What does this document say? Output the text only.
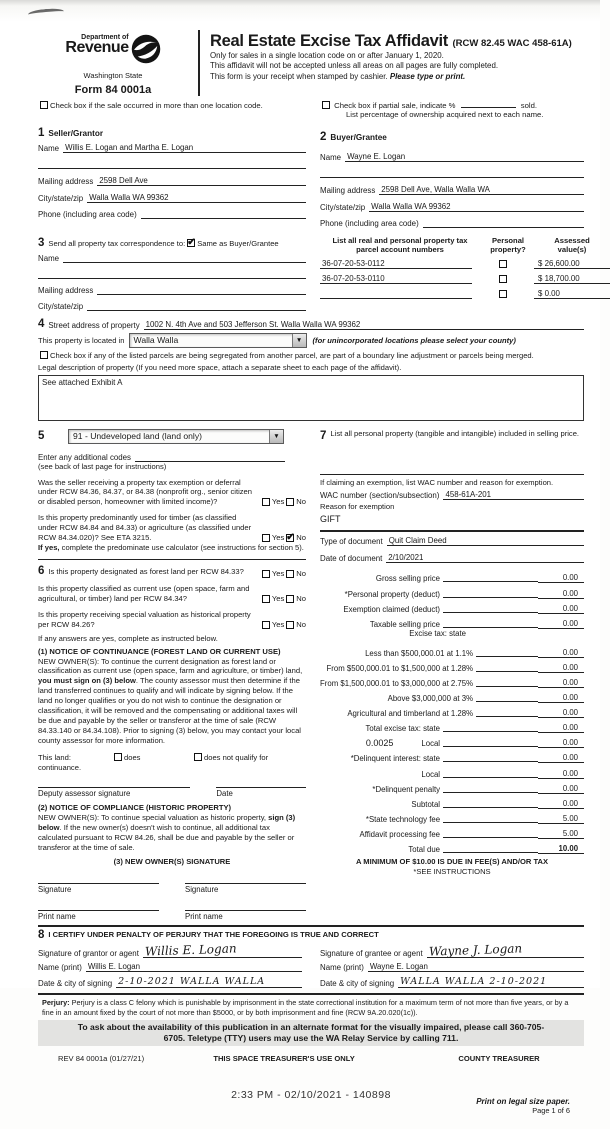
Department of
Revenue
Washington State
Form 84 0001a
Real Estate Excise Tax Affidavit (RCW 82.45 WAC 458-61A)
Only for sales in a single location code on or after January 1, 2020.
This affidavit will not be accepted unless all areas on all pages are fully completed.
This form is your receipt when stamped by cashier. Please type or print.
Check box if the sale occurred in more than one location code.	Check box if partial sale, indicate %	sold.
List percentage of ownership acquired next to each name.
1 Seller/Grantor
Name Willis E. Logan and Martha E. Logan
Mailing address 2598 Dell Ave
City/state/zip Walla Walla WA 99362
Phone (including area code)
2 Buyer/Grantee
Name Wayne E. Logan
Mailing address 2598 Dell Ave, Walla Walla WA
City/state/zip Walla Walla WA 99362
Phone (including area code)
3 Send all property tax correspondence to: ✔ Same as Buyer/Grantee
Name
Mailing address
City/state/zip
List all real and personal property tax
parcel account numbers
Personal
property?
Assessed
value(s)
36-07-20-53-0112	$ 26,600.00
36-07-20-53-0110	$ 18,700.00
$ 0.00
4 Street address of property 1002 N. 4th Ave and 503 Jefferson St. Walla Walla WA 99362
This property is located in	Walla Walla	▼	(for unincorporated locations please select your county)
Check box if any of the listed parcels are being segregated from another parcel, are part of a boundary line adjustment or parcels being merged.
Legal description of property (If you need more space, attach a separate sheet to each page of the affidavit).
See attached Exhibit A
5	91 - Undeveloped land (land only)	▼
Enter any additional codes
(see back of last page for instructions)
Was the seller receiving a property tax exemption or deferral under RCW 84.36, 84.37, or 84.38 (nonprofit org., senior citizen or disabled person, homeowner with limited income)?	Yes No
Is this property predominantly used for timber (as classified under RCW 84.84 and 84.33) or agriculture (as classified under RCW 84.34.020)? See ETA 3215.	Yes ✔ No
If yes, complete the predominate use calculator (see instructions for section 5).
6 Is this property designated as forest land per RCW 84.33?	Yes No
Is this property classified as current use (open space, farm and agricultural, or timber) land per RCW 84.34?	Yes No
Is this property receiving special valuation as historical property per RCW 84.26?	Yes No
If any answers are yes, complete as instructed below.
(1) NOTICE OF CONTINUANCE (FOREST LAND OR CURRENT USE)
NEW OWNER(S): To continue the current designation as forest land or classification as current use (open space, farm and agriculture, or timber) land, you must sign on (3) below. The county assessor must then determine if the land transferred continues to qualify and will indicate by signing below. If the land no longer qualifies or you do not wish to continue the designation or classification, it will be removed and the compensating or additional taxes will be due and payable by the seller or transferor at the time of sale (RCW 84.33.140 or 84.34.108). Prior to signing (3) below, you may contact your local county assessor for more information.
This land:	does	does not qualify for
continuance.
Deputy assessor signature	Date
(2) NOTICE OF COMPLIANCE (HISTORIC PROPERTY)
NEW OWNER(S): To continue special valuation as historic property, sign (3) below. If the new owner(s) doesn't wish to continue, all additional tax calculated pursuant to RCW 84.26, shall be due and payable by the seller or transferor at the time of sale.
(3) NEW OWNER(S) SIGNATURE
Signature	Signature
Print name	Print name
7 List all personal property (tangible and intangible) included in selling price.
If claiming an exemption, list WAC number and reason for exemption.
WAC number (section/subsection) 458-61A-201
Reason for exemption
GIFT
Type of document Quit Claim Deed
Date of document 2/10/2021
Gross selling price	0.00
*Personal property (deduct)	0.00
Exemption claimed (deduct)	0.00
Taxable selling price	0.00
Excise tax: state
Less than $500,000.01 at 1.1%	0.00
From $500,000.01 to $1,500,000 at 1.28%	0.00
From $1,500,000.01 to $3,000,000 at 2.75%	0.00
Above $3,000,000 at 3%	0.00
Agricultural and timberland at 1.28%	0.00
Total excise tax: state	0.00
0.0025	Local	0.00
*Delinquent interest: state	0.00
Local	0.00
*Delinquent penalty	0.00
Subtotal	0.00
*State technology fee	5.00
Affidavit processing fee	5.00
Total due	10.00
A MINIMUM OF $10.00 IS DUE IN FEE(S) AND/OR TAX
*SEE INSTRUCTIONS
8 I CERTIFY UNDER PENALTY OF PERJURY THAT THE FOREGOING IS TRUE AND CORRECT
Signature of grantor or agent Willis E. Logan
Name (print) Willis E. Logan
Date & city of signing 2-10-2021 WALLA WALLA
Signature of grantee or agent Wayne J. Logan
Name (print) Wayne E. Logan
Date & city of signing WALLA WALLA 2-10-2021
Perjury: Perjury is a class C felony which is punishable by imprisonment in the state correctional institution for a maximum term of not more than five years, or by a fine in an amount fixed by the court of not more than $5000, or by both imprisonment and fine (RCW 9A.20.020(1c)).
To ask about the availability of this publication in an alternate format for the visually impaired, please call 360-705-6705. Teletype (TTY) users may use the WA Relay Service by calling 711.
REV 84 0001a (01/27/21)	THIS SPACE TREASURER'S USE ONLY	COUNTY TREASURER
2:33 PM - 02/10/2021 - 140898
Print on legal size paper.
Page 1 of 6
